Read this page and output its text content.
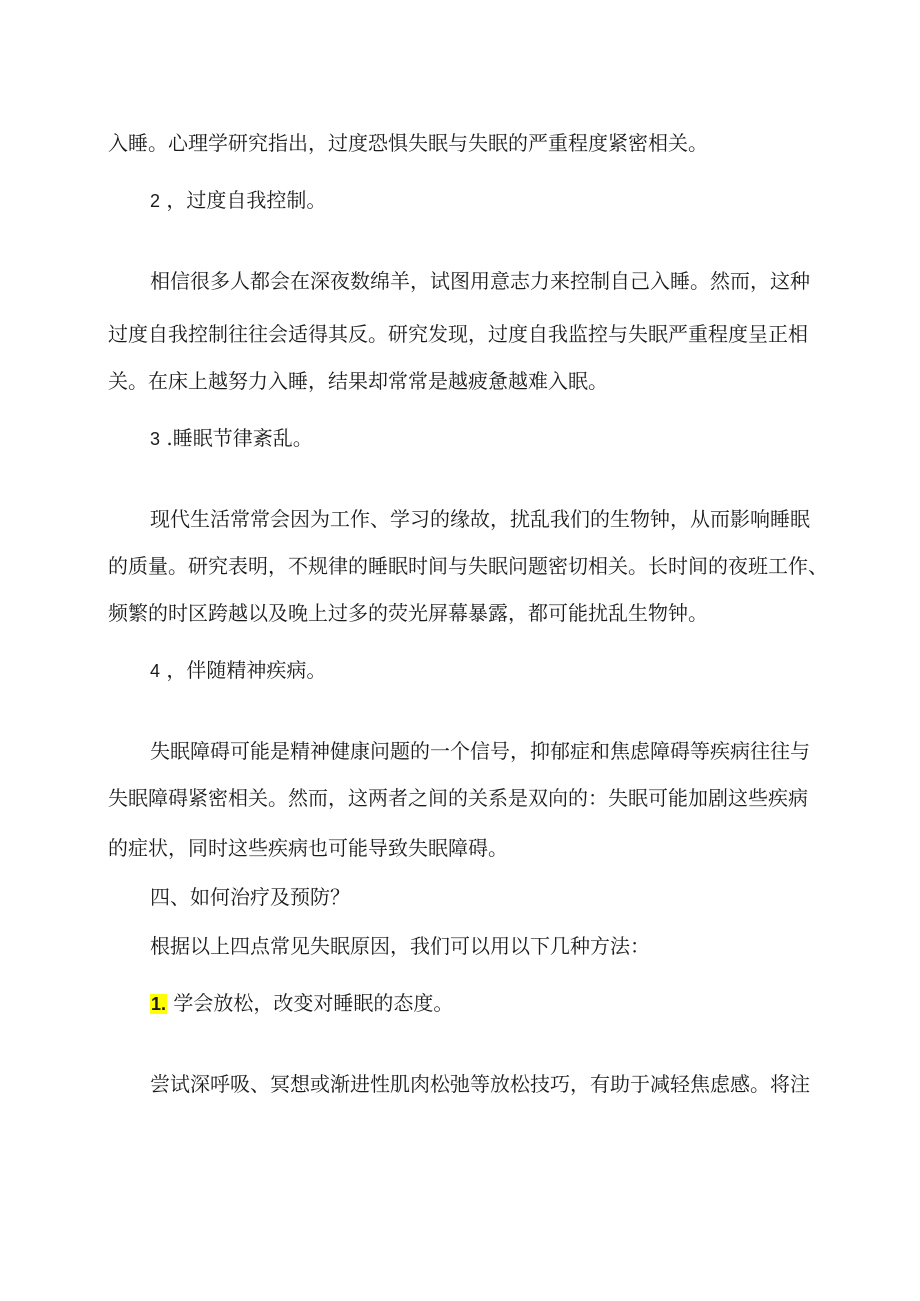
入睡。心理学研究指出，过度恐惧失眠与失眠的严重程度紧密相关。
2 ，过度自我控制。
相信很多人都会在深夜数绵羊，试图用意志力来控制自己入睡。然而，这种
过度自我控制往往会适得其反。研究发现，过度自我监控与失眠严重程度呈正相
关。在床上越努力入睡，结果却常常是越疲惫越难入眠。
3 .睡眠节律紊乱。
现代生活常常会因为工作、学习的缘故，扰乱我们的生物钟，从而影响睡眠
的质量。研究表明，不规律的睡眠时间与失眠问题密切相关。长时间的夜班工作、
频繁的时区跨越以及晚上过多的荧光屏幕暴露，都可能扰乱生物钟。
4 ，伴随精神疾病。
失眠障碍可能是精神健康问题的一个信号，抑郁症和焦虑障碍等疾病往往与
失眠障碍紧密相关。然而，这两者之间的关系是双向的：失眠可能加剧这些疾病
的症状，同时这些疾病也可能导致失眠障碍。
四、如何治疗及预防？
根据以上四点常见失眠原因，我们可以用以下几种方法：
1. 学会放松，改变对睡眠的态度。
尝试深呼吸、冥想或渐进性肌肉松弛等放松技巧，有助于减轻焦虑感。将注
